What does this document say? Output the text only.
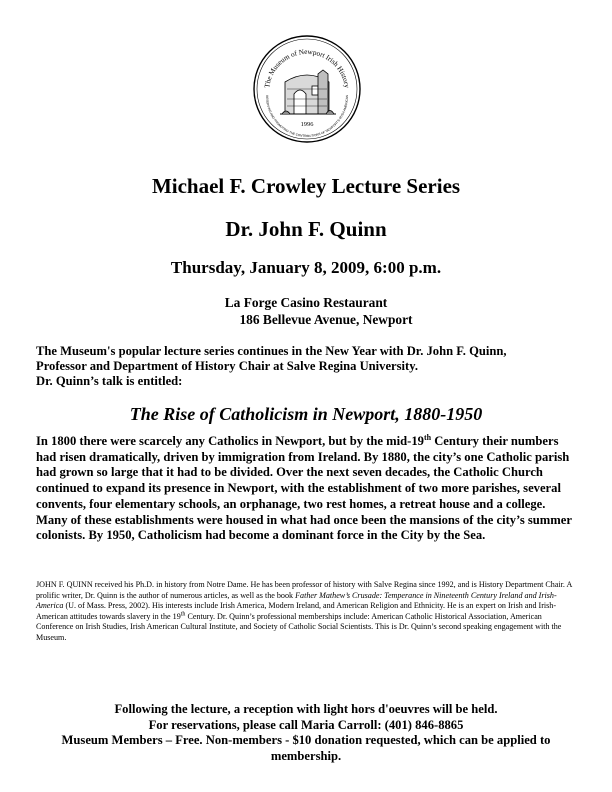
The Museum of Newport Irish History
RESERVING AND PROMOTING THE CONTRIBUTIONS OF NEWPORT'S IRISH-AMERICAN
1996
Michael F. Crowley Lecture Series
Dr. John F. Quinn
Thursday, January 8, 2009, 6:00 p.m.
La Forge Casino Restaurant
186 Bellevue Avenue, Newport
The Museum's popular lecture series continues in the New Year with Dr. John F. Quinn,
Professor and Department of History Chair at Salve Regina University.
Dr. Quinn’s talk is entitled:
The Rise of Catholicism in Newport, 1880-1950
In 1800 there were scarcely any Catholics in Newport, but by the mid-19th Century their numbers had risen dramatically, driven by immigration from Ireland. By 1880, the city’s one Catholic parish had grown so large that it had to be divided. Over the next seven decades, the Catholic Church continued to expand its presence in Newport, with the establishment of two more parishes, several convents, four elementary schools, an orphanage, two rest homes, a retreat house and a college. Many of these establishments were housed in what had once been the mansions of the city’s summer colonists. By 1950, Catholicism had become a dominant force in the City by the Sea.
JOHN F. QUINN received his Ph.D. in history from Notre Dame. He has been professor of history with Salve Regina since 1992, and is History Department Chair. A prolific writer, Dr. Quinn is the author of numerous articles, as well as the book Father Mathew’s Crusade: Temperance in Nineteenth Century Ireland and Irish-America (U. of Mass. Press, 2002). His interests include Irish America, Modern Ireland, and American Religion and Ethnicity. He is an expert on Irish and Irish-American attitudes towards slavery in the 19th Century. Dr. Quinn’s professional memberships include: American Catholic Historical Association, American Conference on Irish Studies, Irish American Cultural Institute, and Society of Catholic Social Scientists. This is Dr. Quinn’s second speaking engagement with the Museum.
Following the lecture, a reception with light hors d'oeuvres will be held.
For reservations, please call Maria Carroll: (401) 846-8865
Museum Members – Free. Non-members - $10 donation requested, which can be applied to membership.
